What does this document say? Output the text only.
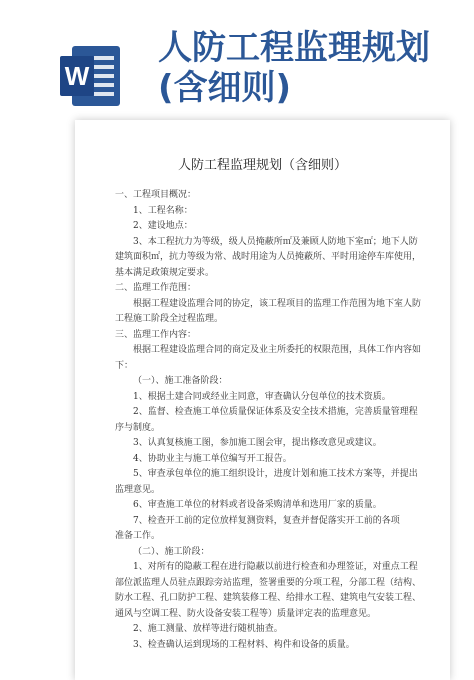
W
人防工程监理规划
(含细则)
人防工程监理规划（含细则）
一、工程项目概况：
1、工程名称：
2、建设地点：
3、本工程抗力为等级，级人员掩蔽所㎡及兼顾人防地下室㎡；地下人防
建筑面积㎡，抗力等级为常、战时用途为人员掩蔽所、平时用途停车库使用，
基本满足政策规定要求。
二、监理工作范围：
根据工程建设监理合同的协定，该工程项目的监理工作范围为地下室人防
工程施工阶段全过程监理。
三、监理工作内容：
根据工程建设监理合同的商定及业主所委托的权限范围，具体工作内容如
下：
（一）、施工准备阶段：
1、根据土建合同或经业主同意，审查确认分包单位的技术资质。
2、监督、检查施工单位质量保证体系及安全技术措施，完善质量管理程
序与制度。
3、认真复核施工图，参加施工图会审，提出修改意见或建议。
4、协助业主与施工单位编写开工报告。
5、审查承包单位的施工组织设计，进度计划和施工技术方案等，并提出
监理意见。
6、审查施工单位的材料或者设备采购清单和选用厂家的质量。
7、检查开工前的定位放样复测资料，复查并督促落实开工前的各项
准备工作。
（二）、施工阶段：
1、对所有的隐蔽工程在进行隐蔽以前进行检查和办理签证，对重点工程
部位派监理人员驻点跟踪旁站监理，签署重要的分项工程，分部工程（结构、
防水工程、孔口防护工程、建筑装修工程、给排水工程、建筑电气安装工程、
通风与空调工程、防火设备安装工程等）质量评定表的监理意见。
2、施工测量、放样等进行随机抽查。
3、检查确认运到现场的工程材料、构件和设备的质量。
